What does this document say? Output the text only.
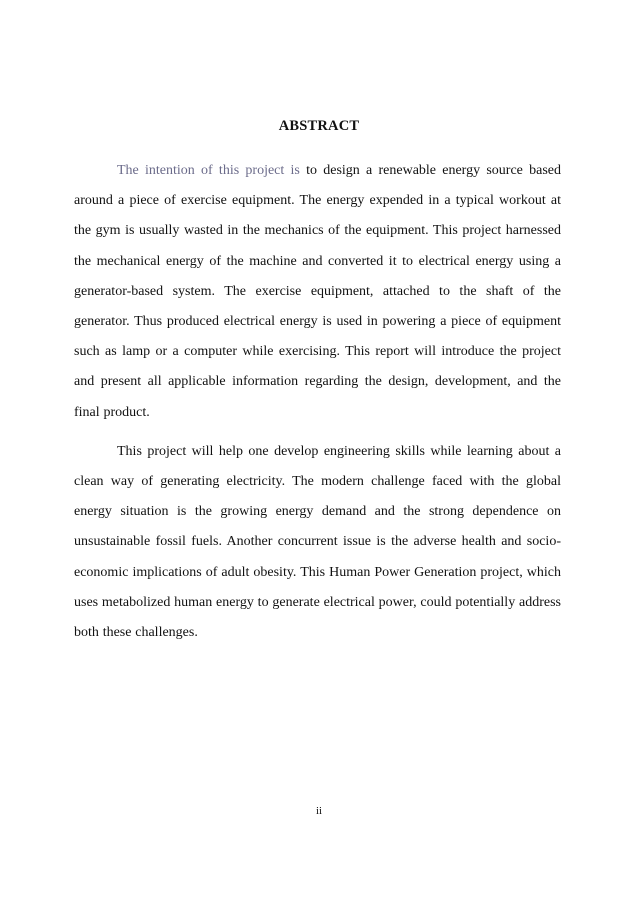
ABSTRACT

The intention of this project is to design a renewable energy source based around a piece of exercise equipment. The energy expended in a typical workout at the gym is usually wasted in the mechanics of the equipment. This project harnessed the mechanical energy of the machine and converted it to electrical energy using a generator-based system. The exercise equipment, attached to the shaft of the generator. Thus produced electrical energy is used in powering a piece of equipment such as lamp or a computer while exercising. This report will introduce the project and present all applicable information regarding the design, development, and the final product.

This project will help one develop engineering skills while learning about a clean way of generating electricity. The modern challenge faced with the global energy situation is the growing energy demand and the strong dependence on unsustainable fossil fuels. Another concurrent issue is the adverse health and socio-economic implications of adult obesity. This Human Power Generation project, which uses metabolized human energy to generate electrical power, could potentially address both these challenges.

ii
